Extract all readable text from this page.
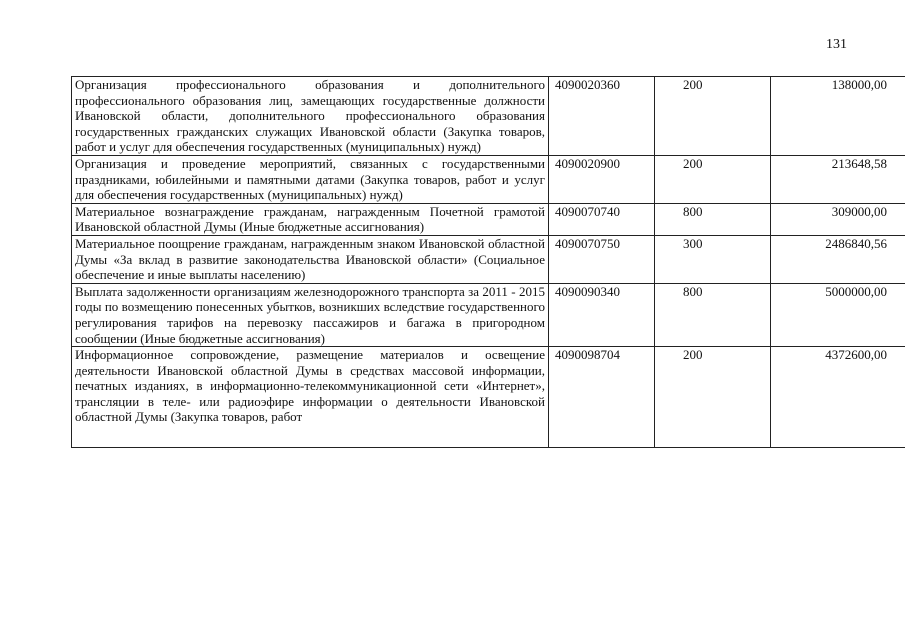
131
Организация профессионального образования и дополнительного профессионального образования лиц, замещающих государственные должности Ивановской области, дополнительного профессионального образования государственных гражданских служащих Ивановской области (Закупка товаров, работ и услуг для обеспечения государственных (муниципальных) нужд)	4090020360	200	138000,00
Организация и проведение мероприятий, связанных с государственными праздниками, юбилейными и памятными датами (Закупка товаров, работ и услуг для обеспечения государственных (муниципальных) нужд)	4090020900	200	213648,58
Материальное вознаграждение гражданам, награжденным Почетной грамотой Ивановской областной Думы (Иные бюджетные ассигнования)	4090070740	800	309000,00
Материальное поощрение гражданам, награжденным знаком Ивановской областной Думы «За вклад в развитие законодательства Ивановской области» (Социальное обеспечение и иные выплаты населению)	4090070750	300	2486840,56
Выплата задолженности организациям железнодорожного транспорта за 2011 - 2015 годы по возмещению понесенных убытков, возникших вследствие государственного регулирования тарифов на перевозку пассажиров и багажа в пригородном сообщении (Иные бюджетные ассигнования)	4090090340	800	5000000,00
Информационное сопровождение, размещение материалов и освещение деятельности Ивановской областной Думы в средствах массовой информации, печатных изданиях, в информационно-телекоммуникационной сети «Интернет», трансляции в теле- или радиоэфире информации о деятельности Ивановской областной Думы (Закупка товаров, работ	4090098704	200	4372600,00
